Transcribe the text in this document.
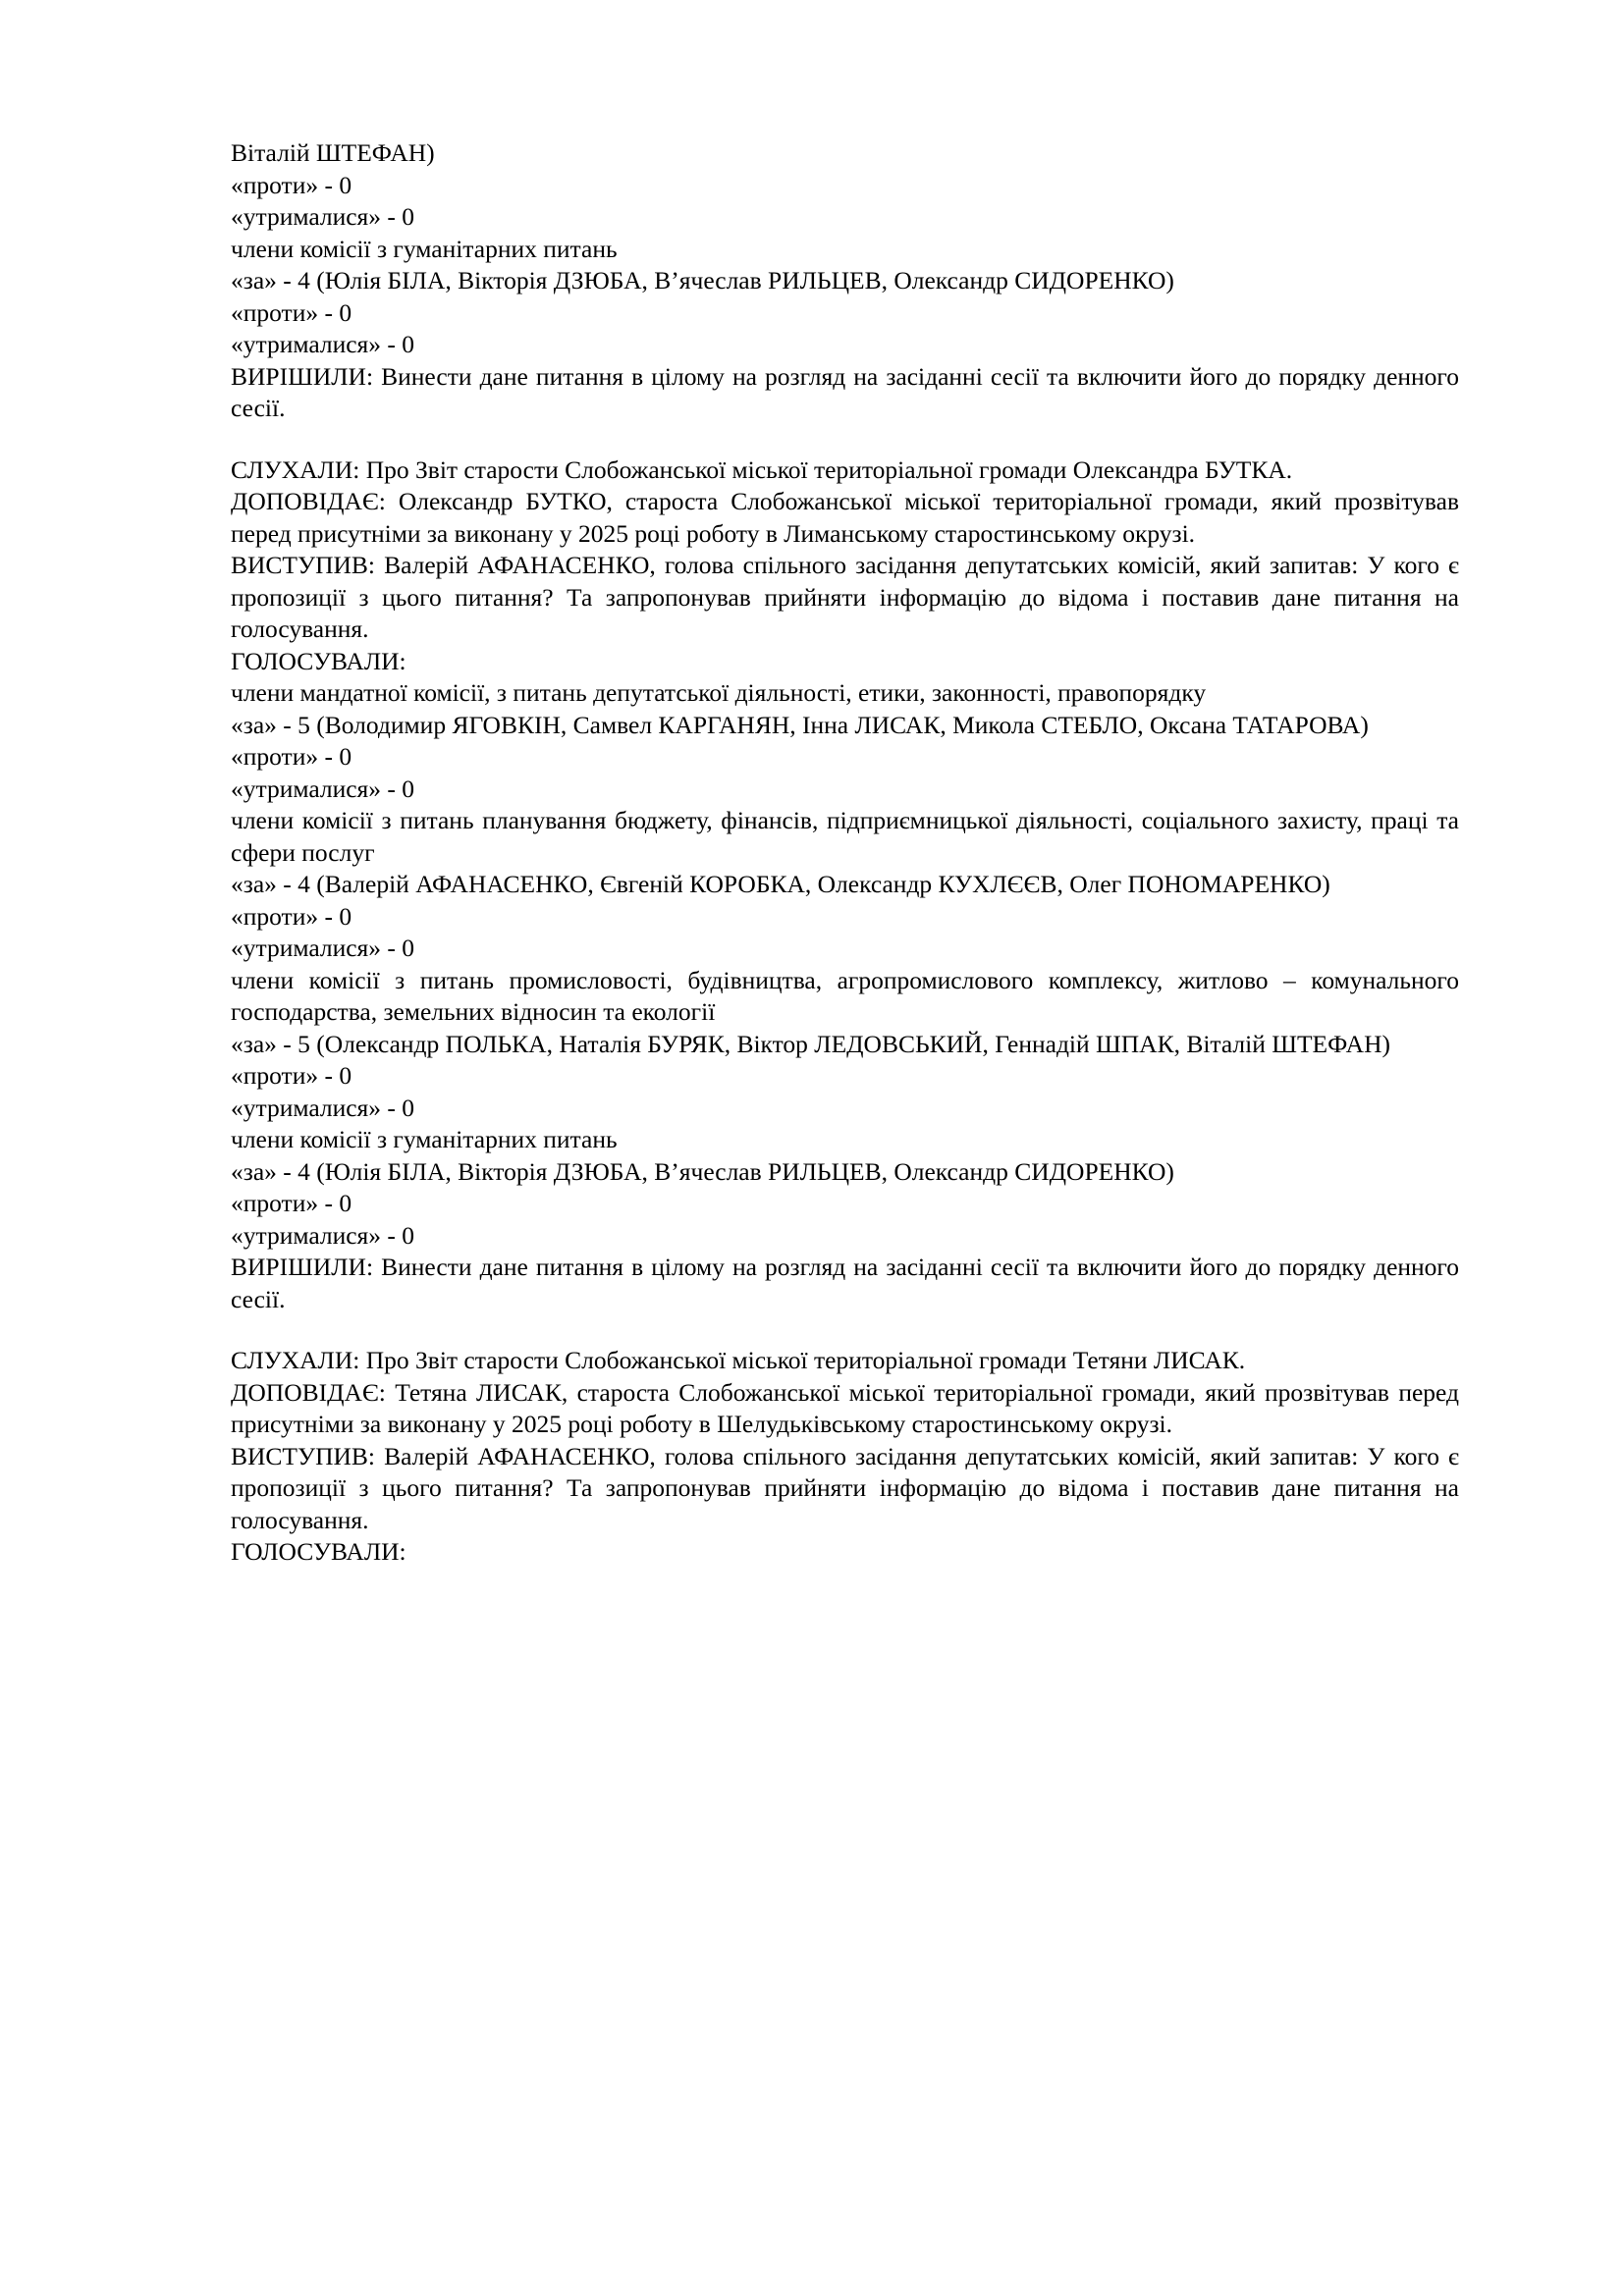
Віталій ШТЕФАН)

«проти» - 0

«утрималися» - 0

члени комісії з гуманітарних питань

«за» - 4 (Юлія БІЛА, Вікторія ДЗЮБА, В’ячеслав РИЛЬЦЕВ, Олександр СИДОРЕНКО)

«проти» - 0

«утрималися» - 0

ВИРІШИЛИ: Винести дане питання в цілому на розгляд на засіданні сесії та включити його до порядку денного сесії.

СЛУХАЛИ: Про Звіт старости Слобожанської міської територіальної громади Олександра БУТКА.

ДОПОВІДАЄ: Олександр БУТКО, староста Слобожанської міської територіальної громади, який прозвітував перед присутніми за виконану у 2025 році роботу в Лиманському старостинському окрузі.

ВИСТУПИВ: Валерій АФАНАСЕНКО, голова спільного засідання депутатських комісій, який запитав: У кого є пропозиції з цього питання? Та запропонував прийняти інформацію до відома і поставив дане питання на голосування.

ГОЛОСУВАЛИ:

члени мандатної комісії, з питань депутатської діяльності, етики, законності, правопорядку

«за» - 5 (Володимир ЯГОВКІН, Самвел КАРГАНЯН, Інна ЛИСАК, Микола СТЕБЛО, Оксана ТАТАРОВА)

«проти» - 0

«утрималися» - 0

члени комісії з питань планування бюджету, фінансів, підприємницької діяльності, соціального захисту, праці та сфери послуг

«за» - 4 (Валерій АФАНАСЕНКО, Євгеній КОРОБКА, Олександр КУХЛЄЄВ, Олег ПОНОМАРЕНКО)

«проти» - 0

«утрималися» - 0

члени комісії з питань промисловості, будівництва, агропромислового комплексу, житлово – комунального господарства, земельних відносин та екології

«за» - 5 (Олександр ПОЛЬКА, Наталія БУРЯК, Віктор ЛЕДОВСЬКИЙ, Геннадій ШПАК, Віталій ШТЕФАН)

«проти» - 0

«утрималися» - 0

члени комісії з гуманітарних питань

«за» - 4 (Юлія БІЛА, Вікторія ДЗЮБА, В’ячеслав РИЛЬЦЕВ, Олександр СИДОРЕНКО)

«проти» - 0

«утрималися» - 0

ВИРІШИЛИ: Винести дане питання в цілому на розгляд на засіданні сесії та включити його до порядку денного сесії.

СЛУХАЛИ: Про Звіт старости Слобожанської міської територіальної громади Тетяни ЛИСАК.

ДОПОВІДАЄ: Тетяна ЛИСАК, староста Слобожанської міської територіальної громади, який прозвітував перед присутніми за виконану у 2025 році роботу в Шелудьківському старостинському окрузі.

ВИСТУПИВ: Валерій АФАНАСЕНКО, голова спільного засідання депутатських комісій, який запитав: У кого є пропозиції з цього питання? Та запропонував прийняти інформацію до відома і поставив дане питання на голосування.

ГОЛОСУВАЛИ:
